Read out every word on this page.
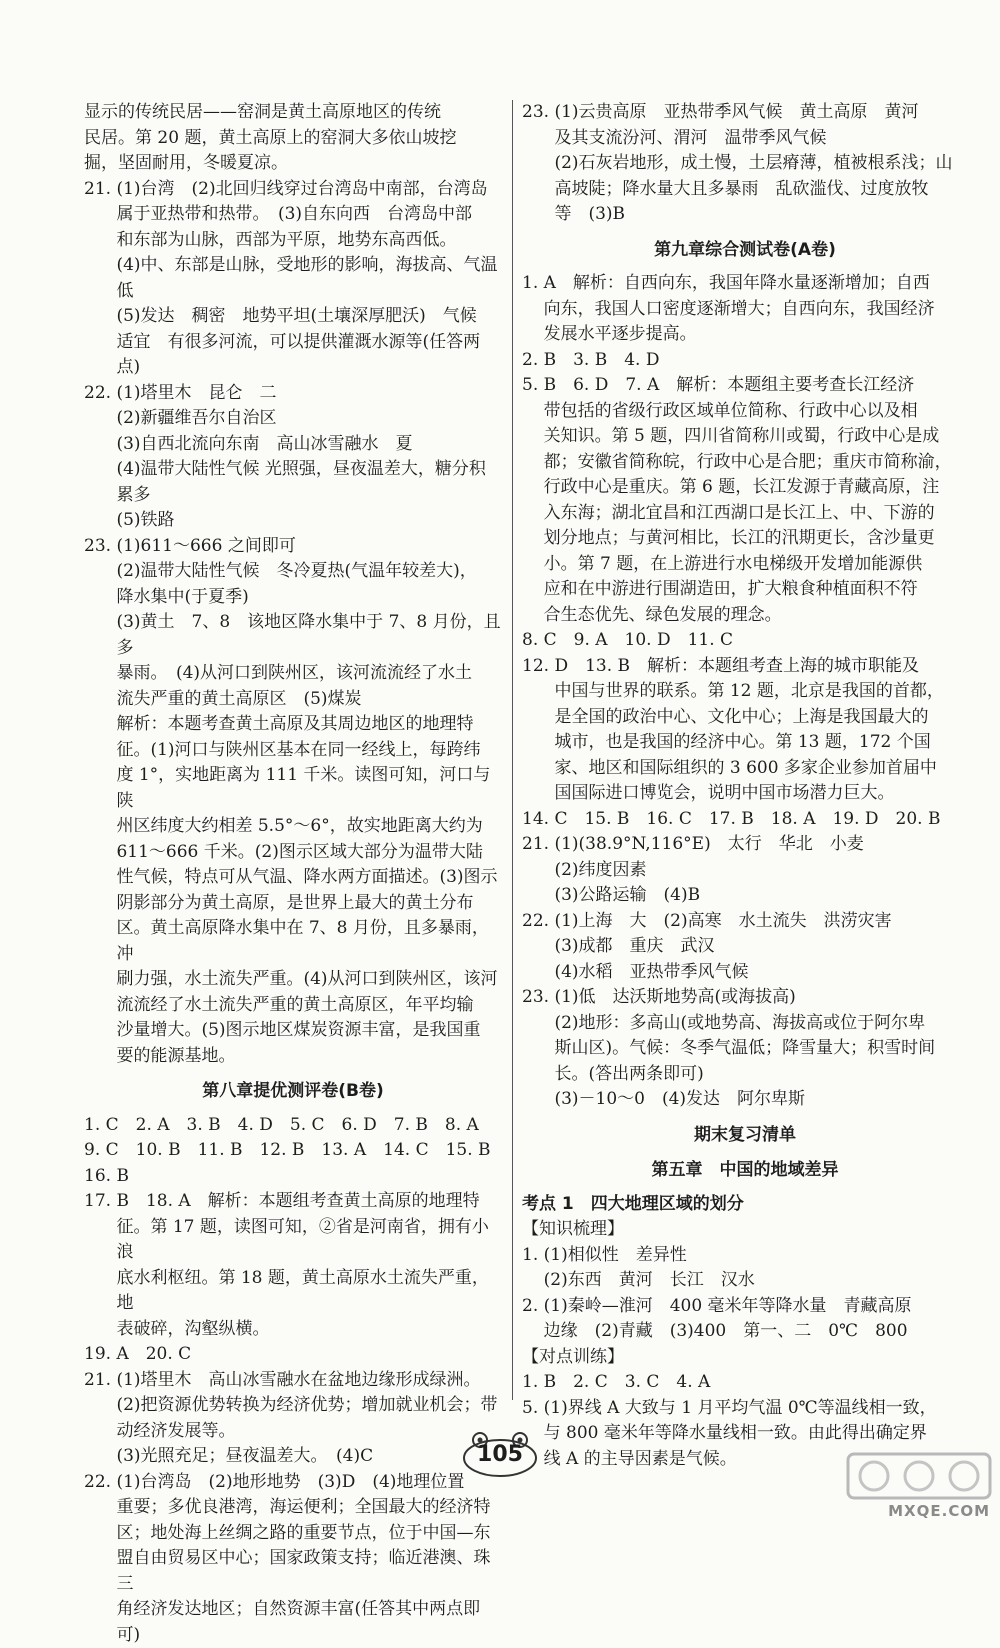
显示的传统民居——窑洞是黄土高原地区的传统
民居。第 20 题，黄土高原上的窑洞大多依山坡挖
掘，坚固耐用，冬暖夏凉。
21. (1)台湾　(2)北回归线穿过台湾岛中南部，台湾岛
属于亚热带和热带。　(3)自东向西　台湾岛中部
和东部为山脉，西部为平原，地势东高西低。
(4)中、东部是山脉，受地形的影响，海拔高、气温低
(5)发达　稠密　地势平坦(土壤深厚肥沃)　气候
适宜　有很多河流，可以提供灌溉水源等(任答两
点)
22. (1)塔里木　昆仑　二
(2)新疆维吾尔自治区
(3)自西北流向东南　高山冰雪融水　夏
(4)温带大陆性气候 光照强，昼夜温差大，糖分积
累多
(5)铁路
23. (1)611～666 之间即可
(2)温带大陆性气候　冬冷夏热(气温年较差大)，
降水集中(于夏季)
(3)黄土　7、8　该地区降水集中于 7、8 月份，且多
暴雨。　(4)从河口到陕州区，该河流流经了水土
流失严重的黄土高原区　(5)煤炭
解析：本题考查黄土高原及其周边地区的地理特
征。(1)河口与陕州区基本在同一经线上，每跨纬
度 1°，实地距离为 111 千米。读图可知，河口与陕
州区纬度大约相差 5.5°～6°，故实地距离大约为
611～666 千米。(2)图示区域大部分为温带大陆
性气候，特点可从气温、降水两方面描述。(3)图示
阴影部分为黄土高原，是世界上最大的黄土分布
区。黄土高原降水集中在 7、8 月份，且多暴雨，冲
刷力强，水土流失严重。(4)从河口到陕州区，该河
流流经了水土流失严重的黄土高原区，年平均输
沙量增大。(5)图示地区煤炭资源丰富，是我国重
要的能源基地。
第八章提优测评卷(B卷)
1. C　2. A　3. B　4. D　5. C　6. D　7. B　8. A
9. C　10. B　11. B　12. B　13. A　14. C　15. B
16. B
17. B　18. A　解析：本题组考查黄土高原的地理特
征。第 17 题，读图可知，②省是河南省，拥有小浪
底水利枢纽。第 18 题，黄土高原水土流失严重，地
表破碎，沟壑纵横。
19. A　20. C
21. (1)塔里木　高山冰雪融水在盆地边缘形成绿洲。
(2)把资源优势转换为经济优势；增加就业机会；带
动经济发展等。
(3)光照充足；昼夜温差大。　(4)C
22. (1)台湾岛　(2)地形地势　(3)D　(4)地理位置
重要；多优良港湾，海运便利；全国最大的经济特
区；地处海上丝绸之路的重要节点，位于中国—东
盟自由贸易区中心；国家政策支持；临近港澳、珠三
角经济发达地区；自然资源丰富(任答其中两点即
可)
23. (1)云贵高原　亚热带季风气候　黄土高原　黄河
及其支流汾河、渭河　温带季风气候
(2)石灰岩地形，成土慢，土层瘠薄，植被根系浅；山
高坡陡；降水量大且多暴雨　乱砍滥伐、过度放牧
等　(3)B
第九章综合测试卷(A卷)
1. A　解析：自西向东，我国年降水量逐渐增加；自西
向东，我国人口密度逐渐增大；自西向东，我国经济
发展水平逐步提高。
2. B　3. B　4. D
5. B　6. D　7. A　解析：本题组主要考查长江经济
带包括的省级行政区域单位简称、行政中心以及相
关知识。第 5 题，四川省简称川或蜀，行政中心是成
都；安徽省简称皖，行政中心是合肥；重庆市简称渝，
行政中心是重庆。第 6 题，长江发源于青藏高原，注
入东海；湖北宜昌和江西湖口是长江上、中、下游的
划分地点；与黄河相比，长江的汛期更长，含沙量更
小。第 7 题，在上游进行水电梯级开发增加能源供
应和在中游进行围湖造田，扩大粮食种植面积不符
合生态优先、绿色发展的理念。
8. C　9. A　10. D　11. C
12. D　13. B　解析：本题组考查上海的城市职能及
中国与世界的联系。第 12 题，北京是我国的首都，
是全国的政治中心、文化中心；上海是我国最大的
城市，也是我国的经济中心。第 13 题，172 个国
家、地区和国际组织的 3 600 多家企业参加首届中
国国际进口博览会，说明中国市场潜力巨大。
14. C　15. B　16. C　17. B　18. A　19. D　20. B
21. (1)(38.9°N,116°E)　太行　华北　小麦
(2)纬度因素
(3)公路运输　(4)B
22. (1)上海　大　(2)高寒　水土流失　洪涝灾害
(3)成都　重庆　武汉
(4)水稻　亚热带季风气候
23. (1)低　达沃斯地势高(或海拔高)
(2)地形：多高山(或地势高、海拔高或位于阿尔卑
斯山区)。气候：冬季气温低；降雪量大；积雪时间
长。(答出两条即可)
(3)－10～0　(4)发达　阿尔卑斯
期末复习清单
第五章　中国的地域差异
考点 1　四大地理区域的划分
【知识梳理】
1. (1)相似性　差异性
(2)东西　黄河　长江　汉水
2. (1)秦岭—淮河　400 毫米年等降水量　青藏高原
边缘　(2)青藏　(3)400　第一、二　0℃　800
【对点训练】
1. B　2. C　3. C　4. A
5. (1)界线 A 大致与 1 月平均气温 0℃等温线相一致，
与 800 毫米年等降水量线相一致。由此得出确定界
线 A 的主导因素是气候。
105
MXQE.COM
